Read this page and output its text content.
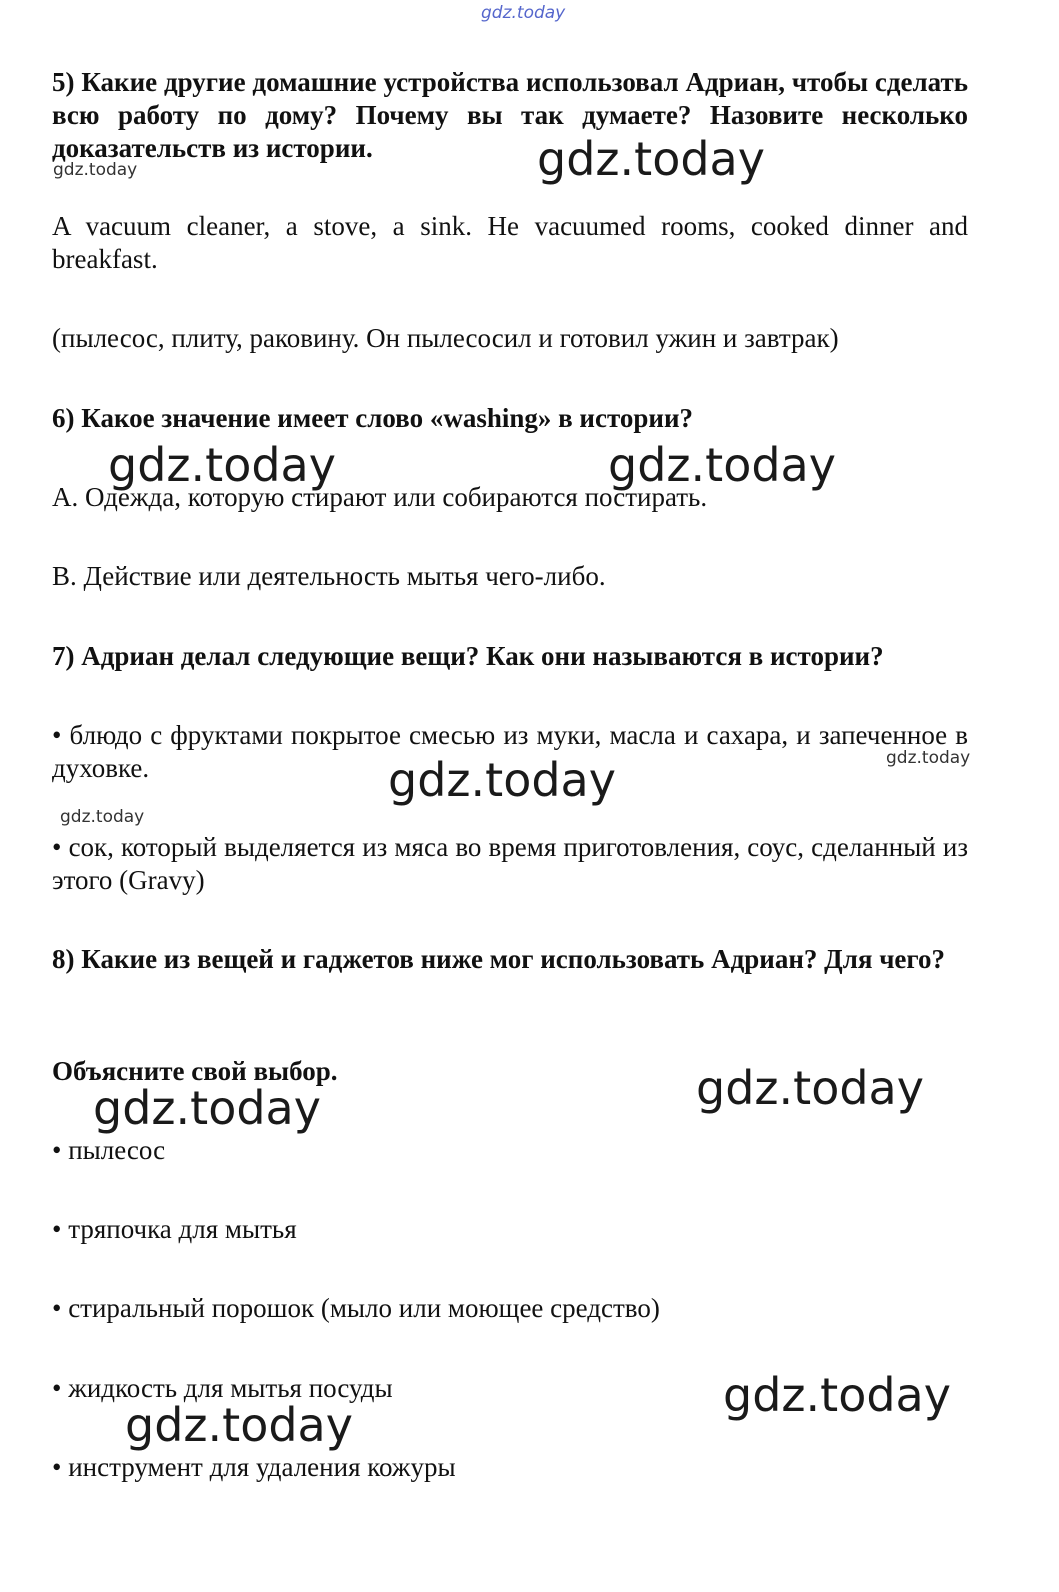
gdz.today

5) Какие другие домашние устройства использовал Адриан, чтобы сделать всю работу по дому? Почему вы так думаете? Назовите несколько доказательств из истории.

A vacuum cleaner, a stove, a sink. He vacuumed rooms, cooked dinner and breakfast.

(пылесос, плиту, раковину. Он пылесосил и готовил ужин и завтрак)

6) Какое значение имеет слово «washing» в истории?

A. Одежда, которую стирают или собираются постирать.

B. Действие или деятельность мытья чего-либо.

7) Адриан делал следующие вещи? Как они называются в истории?

• блюдо с фруктами покрытое смесью из муки, масла и сахара, и запеченное в духовке.

• сок, который выделяется из мяса во время приготовления, соус, сделанный из этого (Gravy)

8) Какие из вещей и гаджетов ниже мог использовать Адриан? Для чего?

Объясните свой выбор.

• пылесос

• тряпочка для мытья

• стиральный порошок (мыло или моющее средство)

• жидкость для мытья посуды

• инструмент для удаления кожуры

gdz.today
gdz.today
gdz.today	gdz.today
gdz.today	gdz.today
gdz.today
gdz.today
gdz.today
gdz.today
gdz.today
